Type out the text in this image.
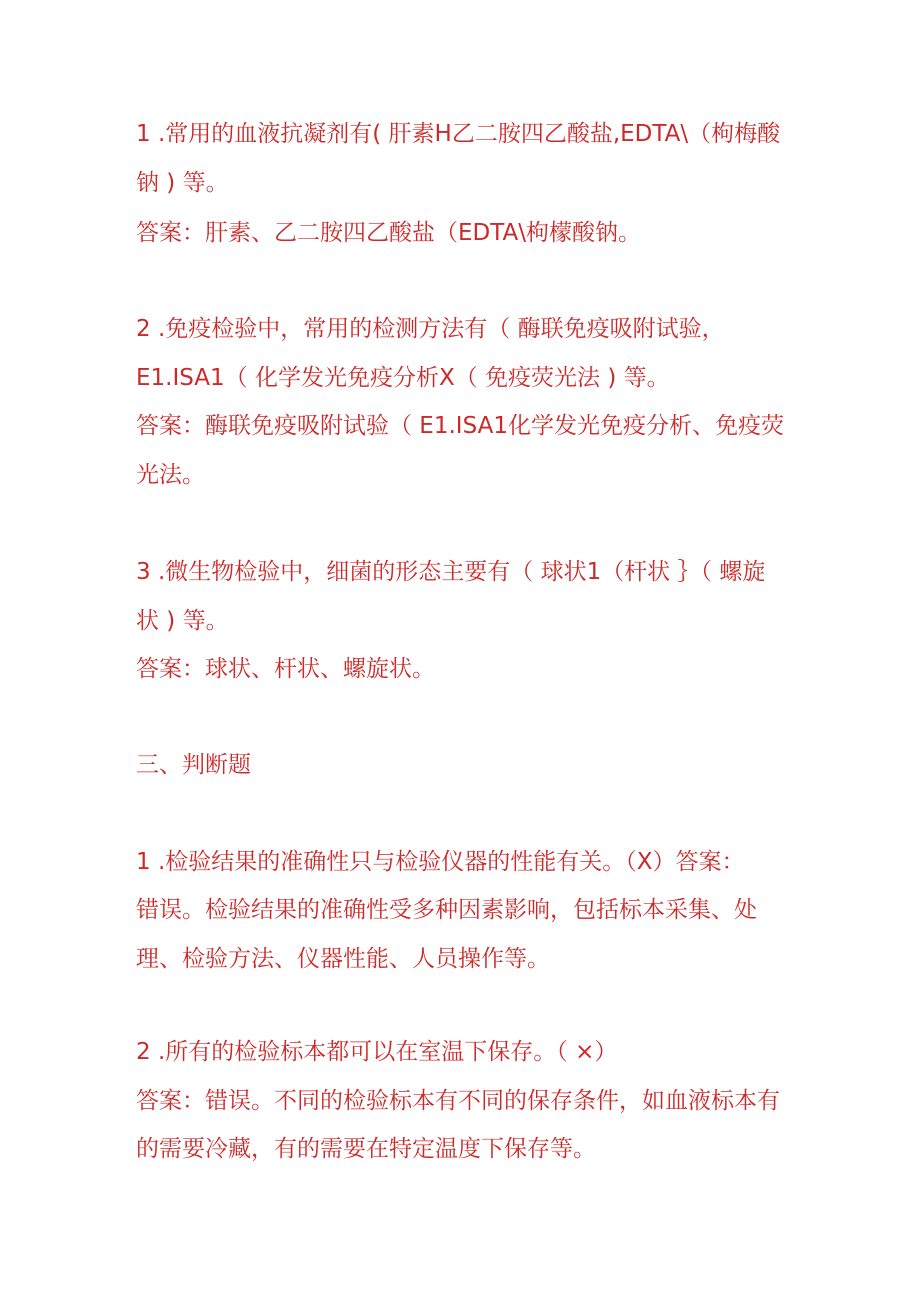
1 .常用的血液抗凝剂有( 肝素H乙二胺四乙酸盐,EDTA\（枸梅酸
钠 ) 等。
答案：肝素、乙二胺四乙酸盐（EDTA\枸檬酸钠。
2 .免疫检验中，常用的检测方法有（ 酶联免疫吸附试验，
E1.ISA1（ 化学发光免疫分析X（ 免疫荧光法 ) 等。
答案：酶联免疫吸附试验（ E1.ISA1化学发光免疫分析、免疫荧
光法。
3 .微生物检验中，细菌的形态主要有（ 球状1（杆状 ｝（ 螺旋
状 ) 等。
答案：球状、杆状、螺旋状。
三、判断题
1 .检验结果的准确性只与检验仪器的性能有关。（X）答案：
错误。检验结果的准确性受多种因素影响，包括标本采集、处
理、检验方法、仪器性能、人员操作等。
2 .所有的检验标本都可以在室温下保存。（ ×）
答案：错误。不同的检验标本有不同的保存条件，如血液标本有
的需要冷藏，有的需要在特定温度下保存等。
